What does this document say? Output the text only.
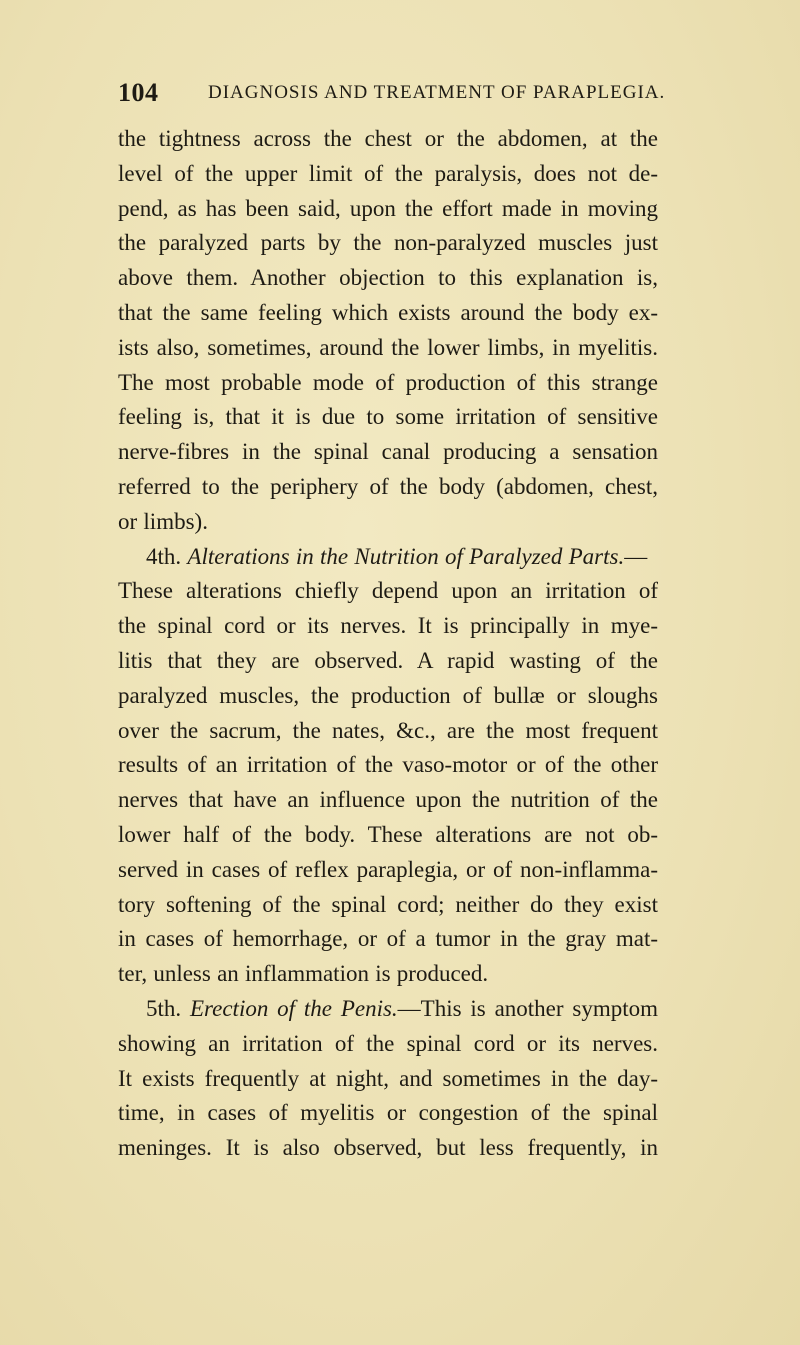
104	DIAGNOSIS AND TREATMENT OF PARAPLEGIA.
the tightness across the chest or the abdomen, at the
level of the upper limit of the paralysis, does not de-
pend, as has been said, upon the effort made in moving
the paralyzed parts by the non-paralyzed muscles just
above them. Another objection to this explanation is,
that the same feeling which exists around the body ex-
ists also, sometimes, around the lower limbs, in myelitis.
The most probable mode of production of this strange
feeling is, that it is due to some irritation of sensitive
nerve-fibres in the spinal canal producing a sensation
referred to the periphery of the body (abdomen, chest,
or limbs).
4th. Alterations in the Nutrition of Paralyzed Parts.—
These alterations chiefly depend upon an irritation of
the spinal cord or its nerves. It is principally in mye-
litis that they are observed. A rapid wasting of the
paralyzed muscles, the production of bullæ or sloughs
over the sacrum, the nates, &c., are the most frequent
results of an irritation of the vaso-motor or of the other
nerves that have an influence upon the nutrition of the
lower half of the body. These alterations are not ob-
served in cases of reflex paraplegia, or of non-inflamma-
tory softening of the spinal cord; neither do they exist
in cases of hemorrhage, or of a tumor in the gray mat-
ter, unless an inflammation is produced.
5th. Erection of the Penis.—This is another symptom
showing an irritation of the spinal cord or its nerves.
It exists frequently at night, and sometimes in the day-
time, in cases of myelitis or congestion of the spinal
meninges. It is also observed, but less frequently, in
